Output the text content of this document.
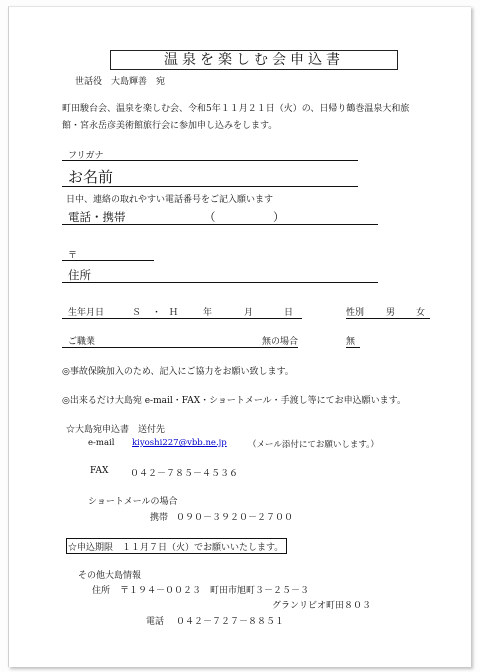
温泉を楽しむ会申込書
世話役　大島輝善　宛
町田駿台会、温泉を楽しむ会、令和5年１１月２１日（火）の、日帰り鶴巻温泉大和旅
館・宮永岳彦美術館旅行会に参加申し込みをします。
フリガナ
お名前
日中、連絡の取れやすい電話番号をご記入願います
電話・携帯	（　　　　　）
〒
住所
生年月日	Ｓ ・ Ｈ	年	月	日	性別 男 女
ご職業	無の場合	無
◎事故保険加入のため、記入にご協力をお願い致します。
◎出来るだけ大島宛 e-mail・FAX・ショートメール・手渡し等にてお申込願います。
☆大島宛申込書　送付先
e-mail kiyoshi227@vbb.ne.jp	（メール添付にてお願いします。）
FAX ０４２－７８５－４５３６
ショートメールの場合
携帯 ０９０－３９２０－２７００
☆申込期限　１１月７日（火）でお願いいたします。
その他大島情報
住所 〒１９４－００２３　町田市旭町３－２５－３
グランリビオ町田８０３
電話 ０４２－７２７－８８５１
